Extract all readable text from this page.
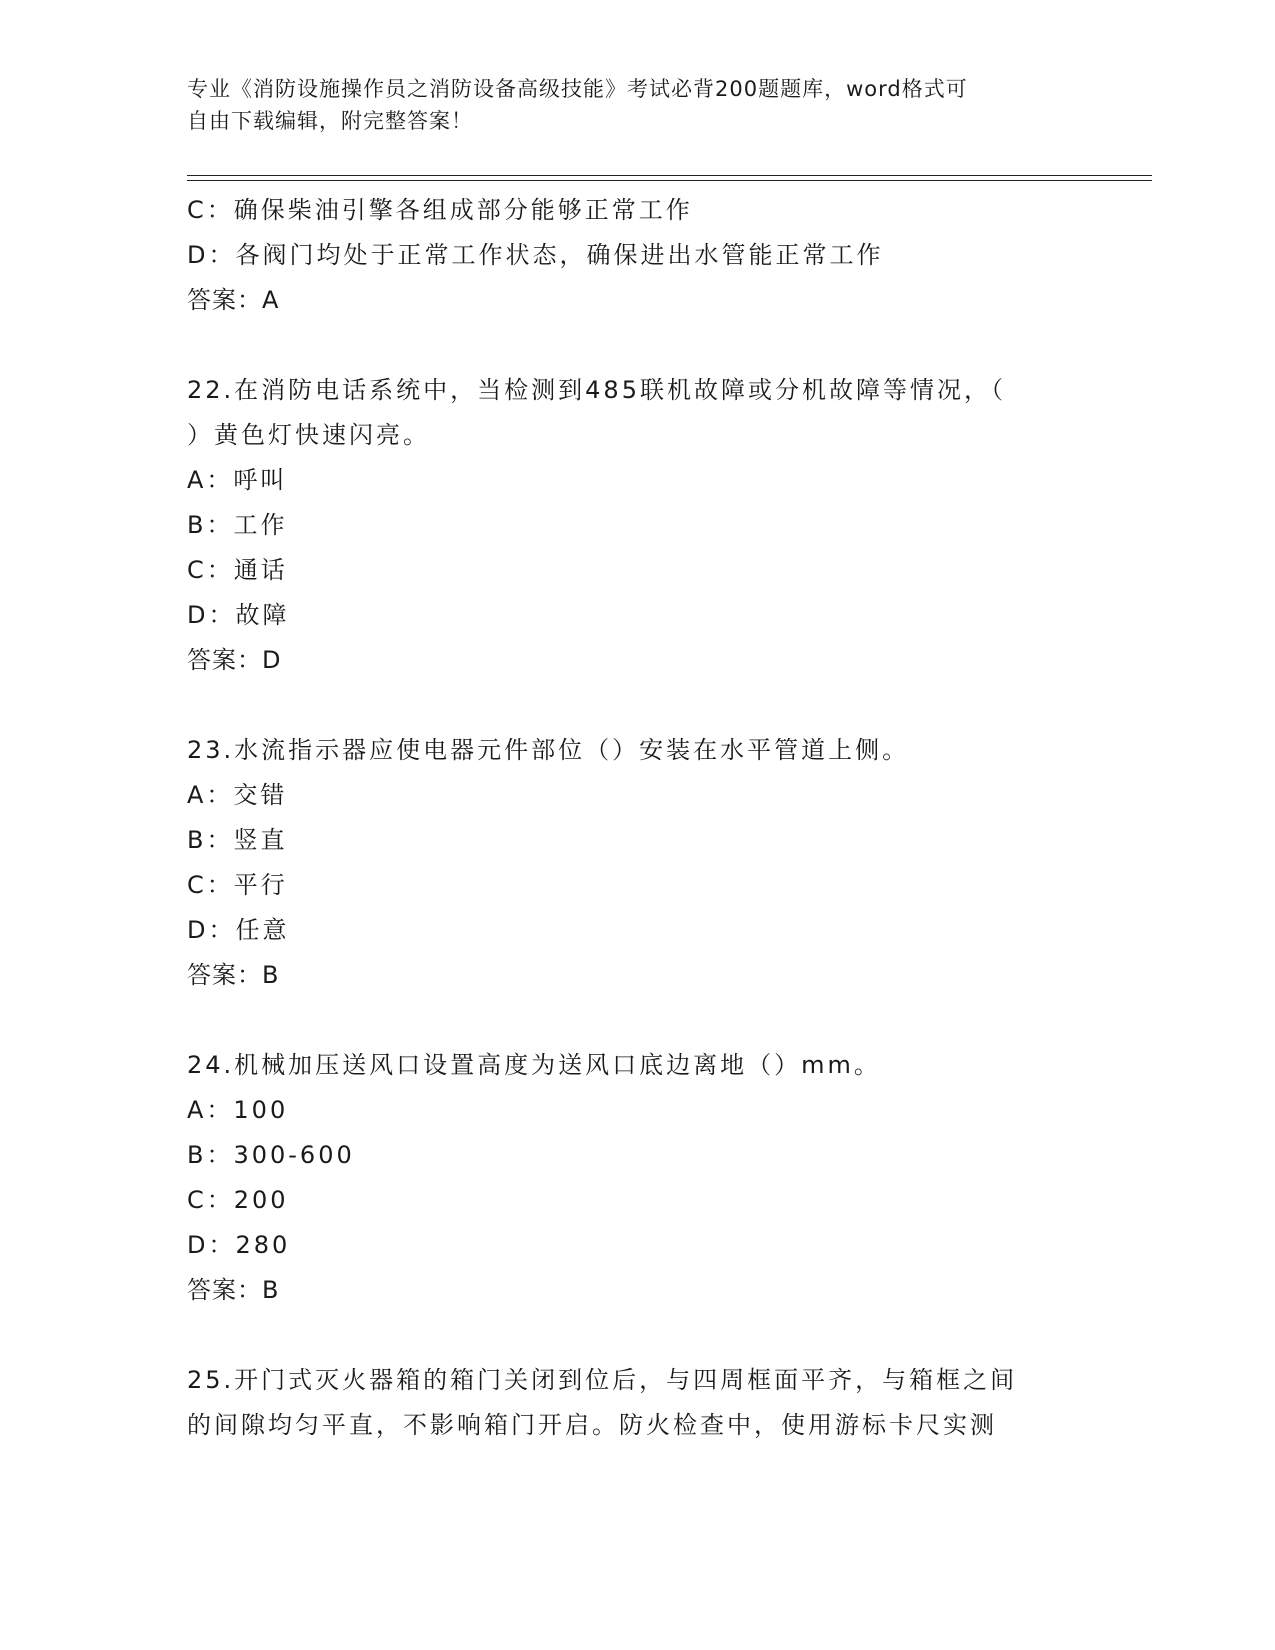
专业《消防设施操作员之消防设备高级技能》考试必背200题题库，word格式可
自由下载编辑，附完整答案！
C：确保柴油引擎各组成部分能够正常工作
D：各阀门均处于正常工作状态，确保进出水管能正常工作
答案：A
22.在消防电话系统中，当检测到485联机故障或分机故障等情况，（
）黄色灯快速闪亮。
A：呼叫
B：工作
C：通话
D：故障
答案：D
23.水流指示器应使电器元件部位（）安装在水平管道上侧。
A：交错
B：竖直
C：平行
D：任意
答案：B
24.机械加压送风口设置高度为送风口底边离地（）mm。
A：100
B：300-600
C：200
D：280
答案：B
25.开门式灭火器箱的箱门关闭到位后，与四周框面平齐，与箱框之间
的间隙均匀平直，不影响箱门开启。防火检查中，使用游标卡尺实测
